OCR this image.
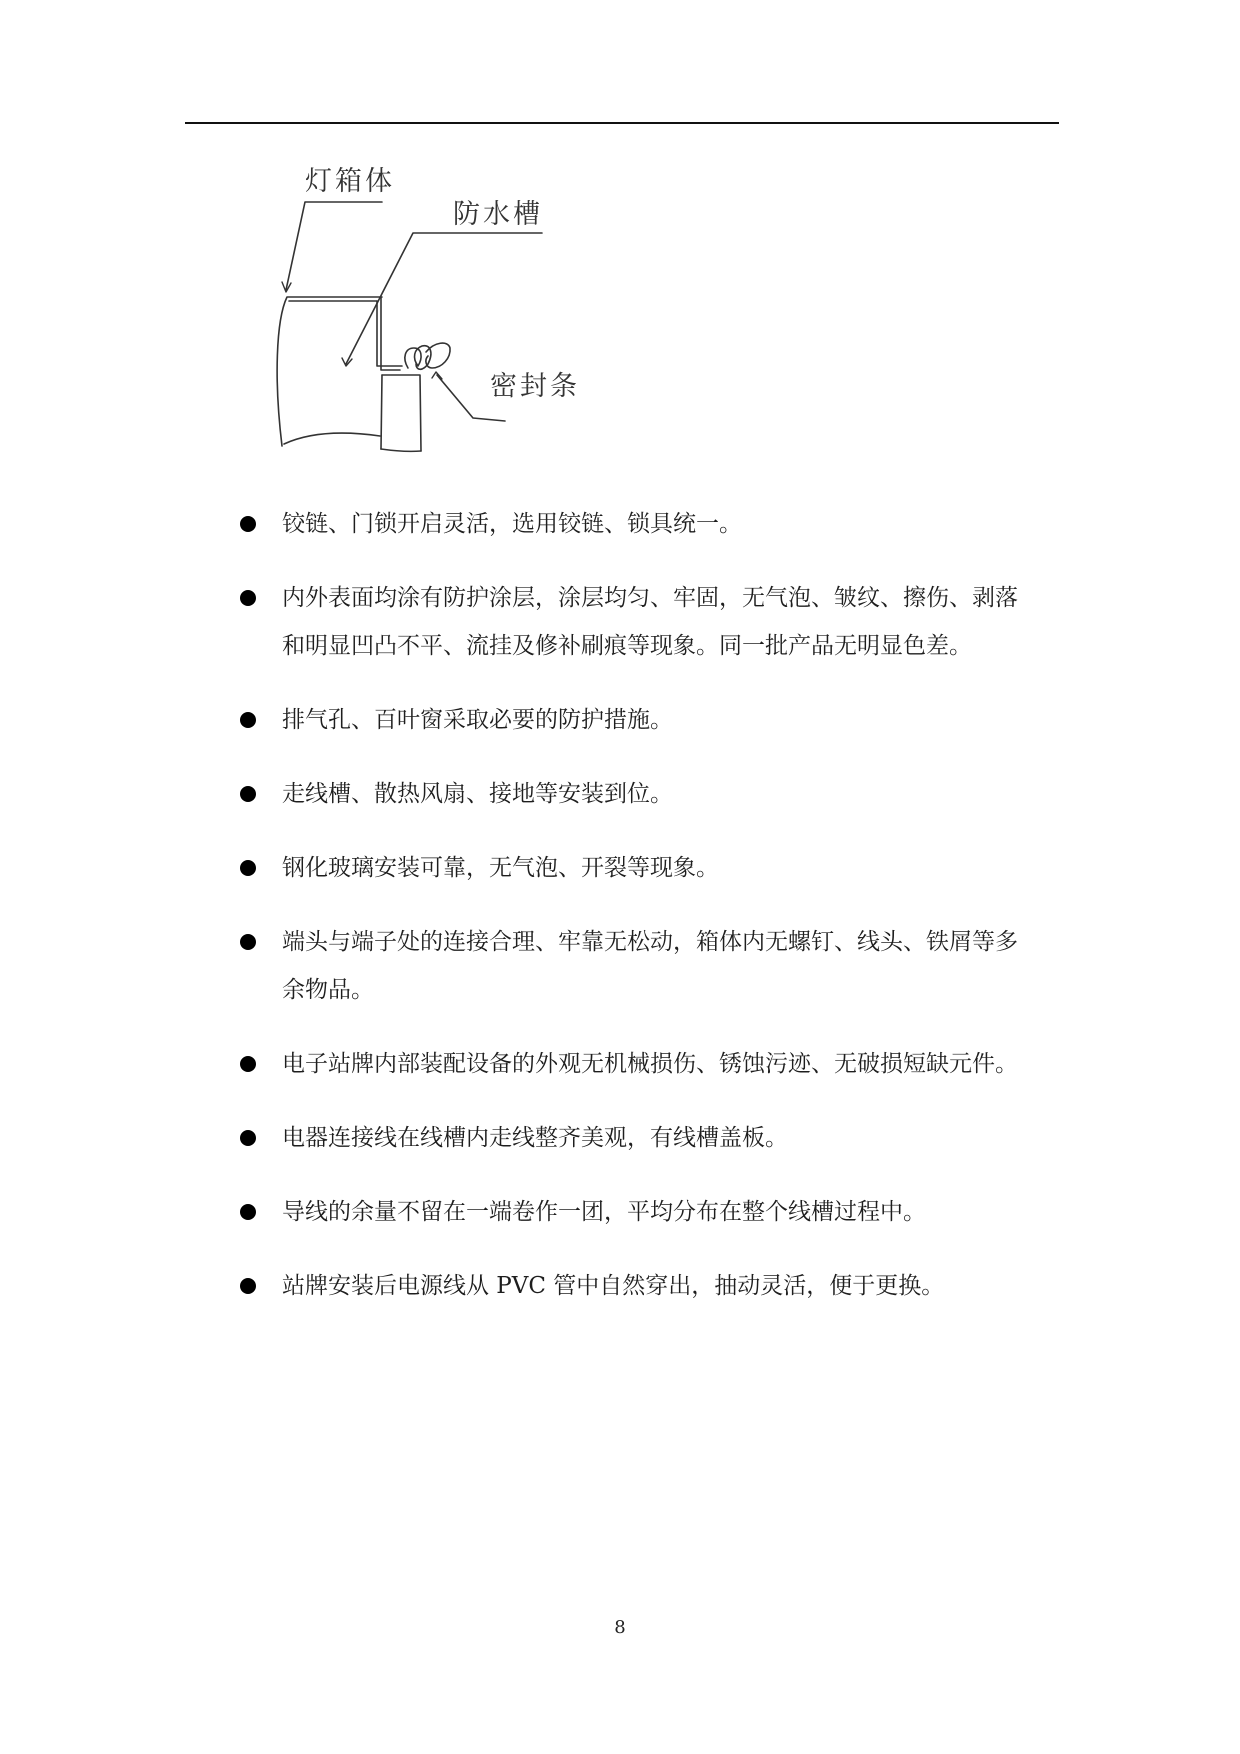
灯箱体
防水槽
密封条
铰链、门锁开启灵活，选用铰链、锁具统一。
内外表面均涂有防护涂层，涂层均匀、牢固，无气泡、皱纹、擦伤、剥落和明显凹凸不平、流挂及修补刷痕等现象。同一批产品无明显色差。
排气孔、百叶窗采取必要的防护措施。
走线槽、散热风扇、接地等安装到位。
钢化玻璃安装可靠，无气泡、开裂等现象。
端头与端子处的连接合理、牢靠无松动，箱体内无螺钉、线头、铁屑等多余物品。
电子站牌内部装配设备的外观无机械损伤、锈蚀污迹、无破损短缺元件。
电器连接线在线槽内走线整齐美观，有线槽盖板。
导线的余量不留在一端卷作一团，平均分布在整个线槽过程中。
站牌安装后电源线从 PVC 管中自然穿出，抽动灵活，便于更换。
8
